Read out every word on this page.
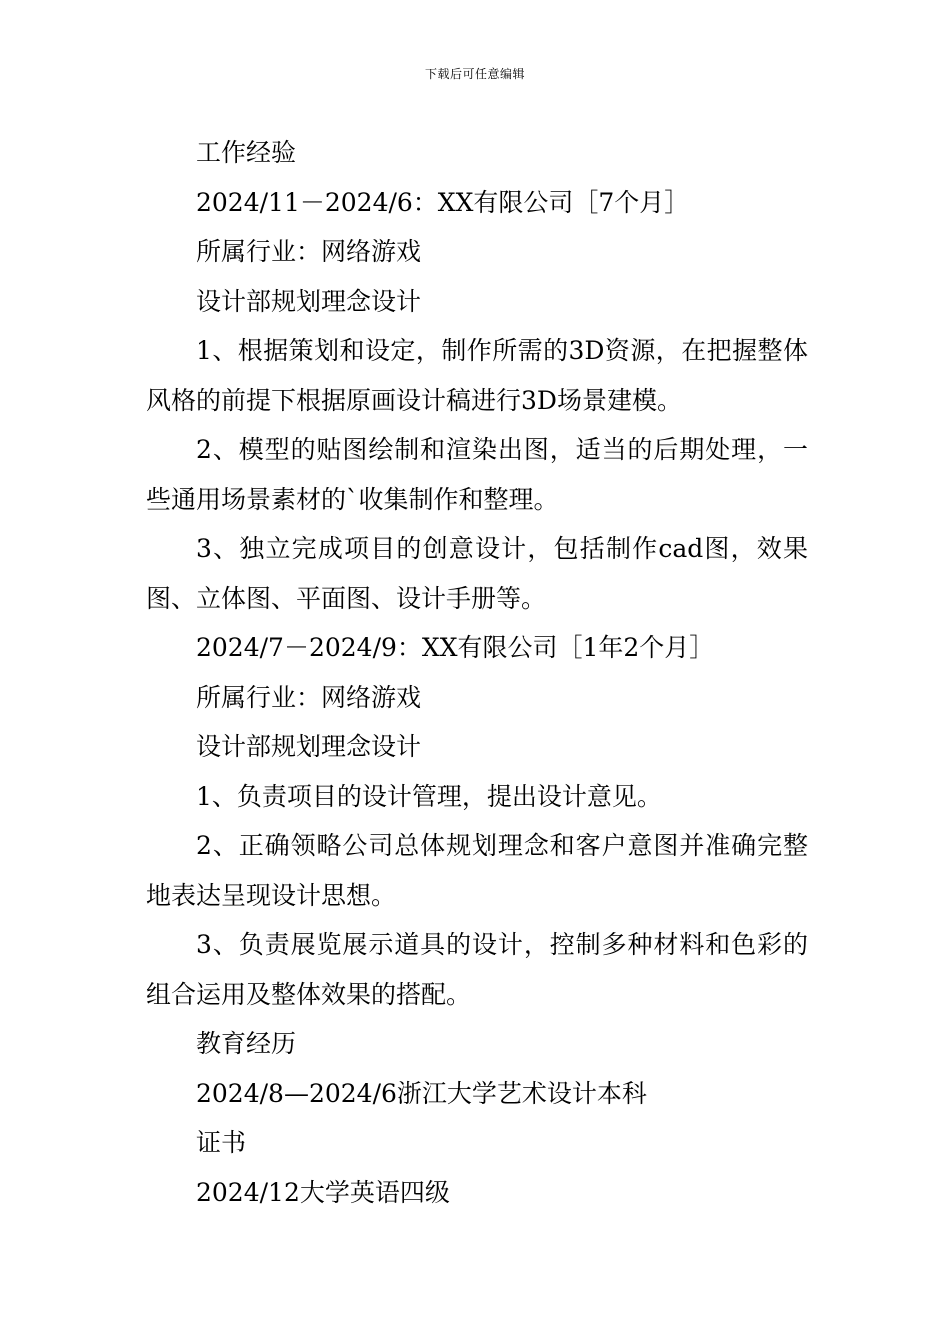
下载后可任意编辑

工作经验

2024/11－2024/6：XX有限公司［7个月］

所属行业：网络游戏

设计部规划理念设计

1、根据策划和设定，制作所需的3D资源，在把握整体风格的前提下根据原画设计稿进行3D场景建模。

2、模型的贴图绘制和渲染出图，适当的后期处理，一些通用场景素材的`收集制作和整理。

3、独立完成项目的创意设计，包括制作cad图，效果图、立体图、平面图、设计手册等。

2024/7－2024/9：XX有限公司［1年2个月］

所属行业：网络游戏

设计部规划理念设计

1、负责项目的设计管理，提出设计意见。

2、正确领略公司总体规划理念和客户意图并准确完整地表达呈现设计思想。

3、负责展览展示道具的设计，控制多种材料和色彩的组合运用及整体效果的搭配。

教育经历

2024/8—2024/6浙江大学艺术设计本科

证书

2024/12大学英语四级
